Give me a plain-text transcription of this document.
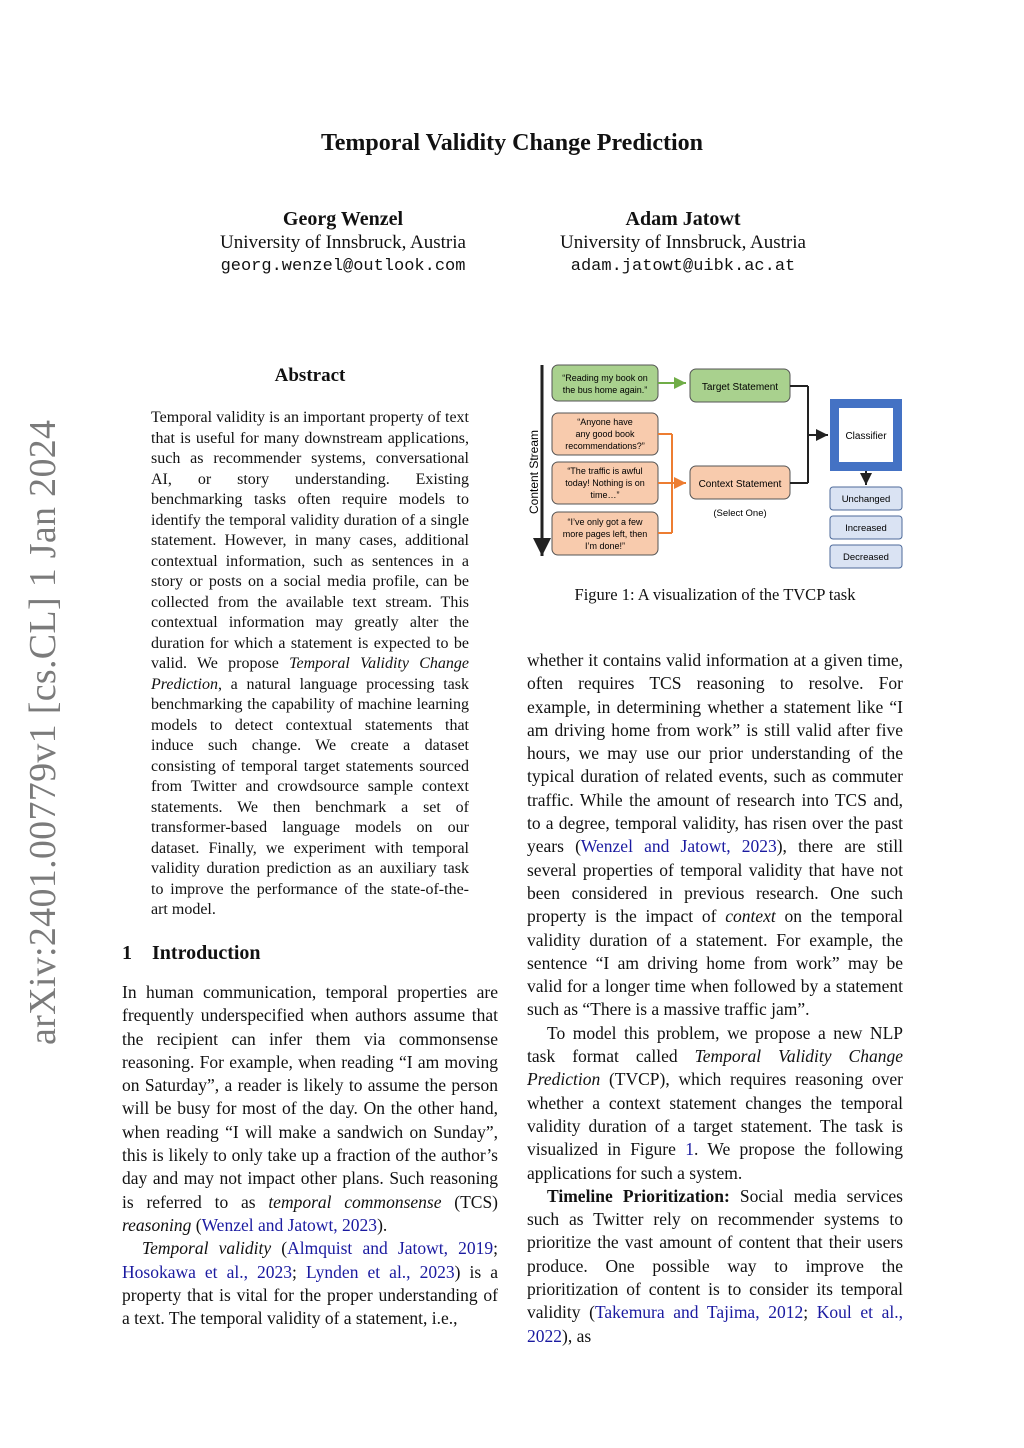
Temporal Validity Change Prediction
Georg Wenzel
University of Innsbruck, Austria
georg.wenzel@outlook.com
Adam Jatowt
University of Innsbruck, Austria
adam.jatowt@uibk.ac.at
arXiv:2401.00779v1 [cs.CL] 1 Jan 2024
Abstract
Temporal validity is an important property of text that is useful for many downstream applications, such as recommender systems, conversational AI, or story understanding. Existing benchmarking tasks often require models to identify the temporal validity duration of a single statement. However, in many cases, additional contextual information, such as sentences in a story or posts on a social media profile, can be collected from the available text stream. This contextual information may greatly alter the duration for which a statement is expected to be valid. We propose Temporal Validity Change Prediction, a natural language processing task benchmarking the capability of machine learning models to detect contextual statements that induce such change. We create a dataset consisting of temporal target statements sourced from Twitter and crowdsource sample context statements. We then benchmark a set of transformer-based language models on our dataset. Finally, we experiment with temporal validity duration prediction as an auxiliary task to improve the performance of the state-of-the-art model.
1 Introduction
In human communication, temporal properties are frequently underspecified when authors assume that the recipient can infer them via commonsense reasoning. For example, when reading “I am moving on Saturday”, a reader is likely to assume the person will be busy for most of the day. On the other hand, when reading “I will make a sandwich on Sunday”, this is likely to only take up a fraction of the author’s day and may not impact other plans. Such reasoning is referred to as temporal commonsense (TCS) reasoning (Wenzel and Jatowt, 2023).
Temporal validity (Almquist and Jatowt, 2019; Hosokawa et al., 2023; Lynden et al., 2023) is a property that is vital for the proper understanding of a text. The temporal validity of a statement, i.e.,
Content Stream
“Reading my book on
the bus home again.”
“Anyone have
any good book
recommendations?”
“The traffic is awful
today! Nothing is on
time…”
“I’ve only got a few
more pages left, then
I’m done!”
Target Statement
Context Statement
(Select One)
Classifier
Unchanged
Increased
Decreased
Figure 1: A visualization of the TVCP task
whether it contains valid information at a given time, often requires TCS reasoning to resolve. For example, in determining whether a statement like “I am driving home from work” is still valid after five hours, we may use our prior understanding of the typical duration of related events, such as commuter traffic. While the amount of research into TCS and, to a degree, temporal validity, has risen over the past years (Wenzel and Jatowt, 2023), there are still several properties of temporal validity that have not been considered in previous research. One such property is the impact of context on the temporal validity duration of a statement. For example, the sentence “I am driving home from work” may be valid for a longer time when followed by a statement such as “There is a massive traffic jam”.
To model this problem, we propose a new NLP task format called Temporal Validity Change Prediction (TVCP), which requires reasoning over whether a context statement changes the temporal validity duration of a target statement. The task is visualized in Figure 1. We propose the following applications for such a system.
Timeline Prioritization: Social media services such as Twitter rely on recommender systems to prioritize the vast amount of content that their users produce. One possible way to improve the prioritization of content is to consider its temporal validity (Takemura and Tajima, 2012; Koul et al., 2022), as
